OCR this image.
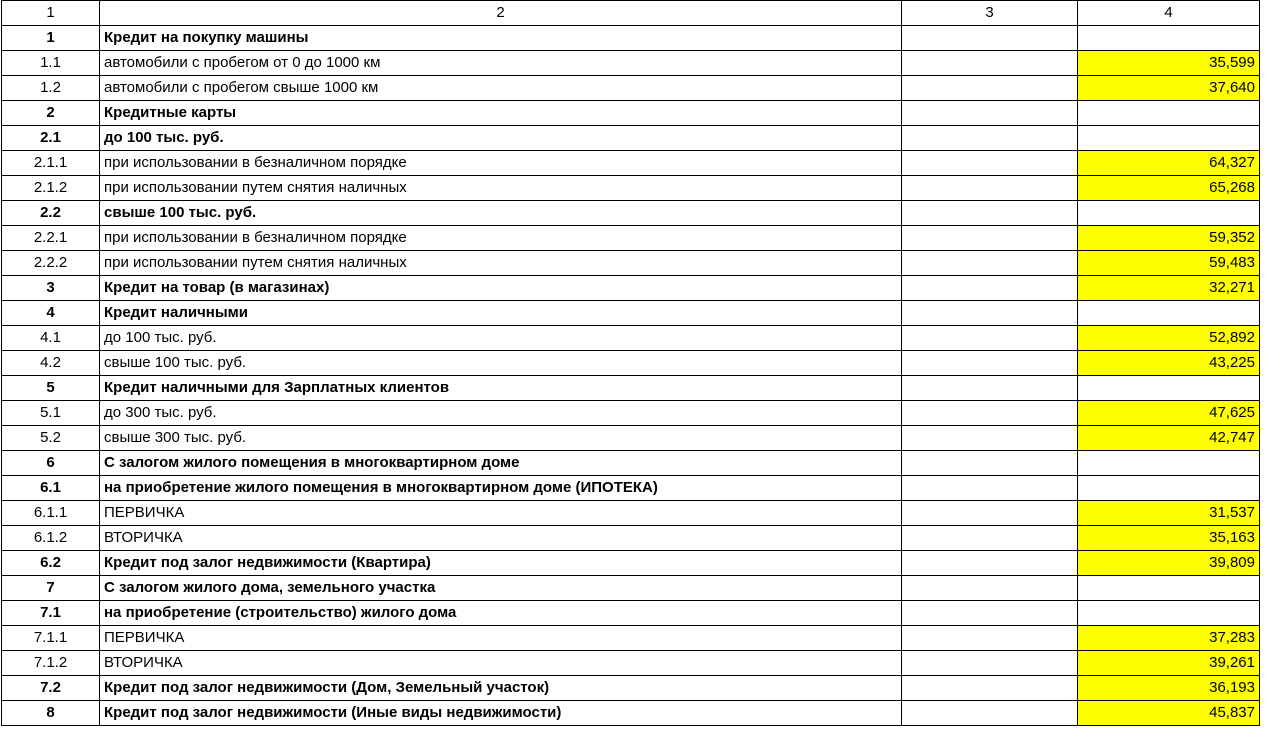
1	2	3	4
1	Кредит на покупку машины		
1.1	автомобили с пробегом от 0 до 1000 км		35,599
1.2	автомобили с пробегом свыше 1000 км		37,640
2	Кредитные карты		
2.1	до 100 тыс. руб.		
2.1.1	при использовании в безналичном порядке		64,327
2.1.2	при использовании путем снятия наличных		65,268
2.2	свыше 100 тыс. руб.		
2.2.1	при использовании в безналичном порядке		59,352
2.2.2	при использовании путем снятия наличных		59,483
3	Кредит на товар (в магазинах)		32,271
4	Кредит наличными		
4.1	до 100 тыс. руб.		52,892
4.2	свыше 100 тыс. руб.		43,225
5	Кредит наличными для Зарплатных клиентов		
5.1	до 300 тыс. руб.		47,625
5.2	свыше 300 тыс. руб.		42,747
6	С залогом жилого помещения в многоквартирном доме		
6.1	на приобретение жилого помещения в многоквартирном доме (ИПОТЕКА)		
6.1.1	ПЕРВИЧКА		31,537
6.1.2	ВТОРИЧКА		35,163
6.2	Кредит под залог недвижимости (Квартира)		39,809
7	С залогом жилого дома, земельного участка		
7.1	на приобретение (строительство) жилого дома		
7.1.1	ПЕРВИЧКА		37,283
7.1.2	ВТОРИЧКА		39,261
7.2	Кредит под залог недвижимости (Дом, Земельный участок)		36,193
8	Кредит под залог недвижимости (Иные виды недвижимости)		45,837
